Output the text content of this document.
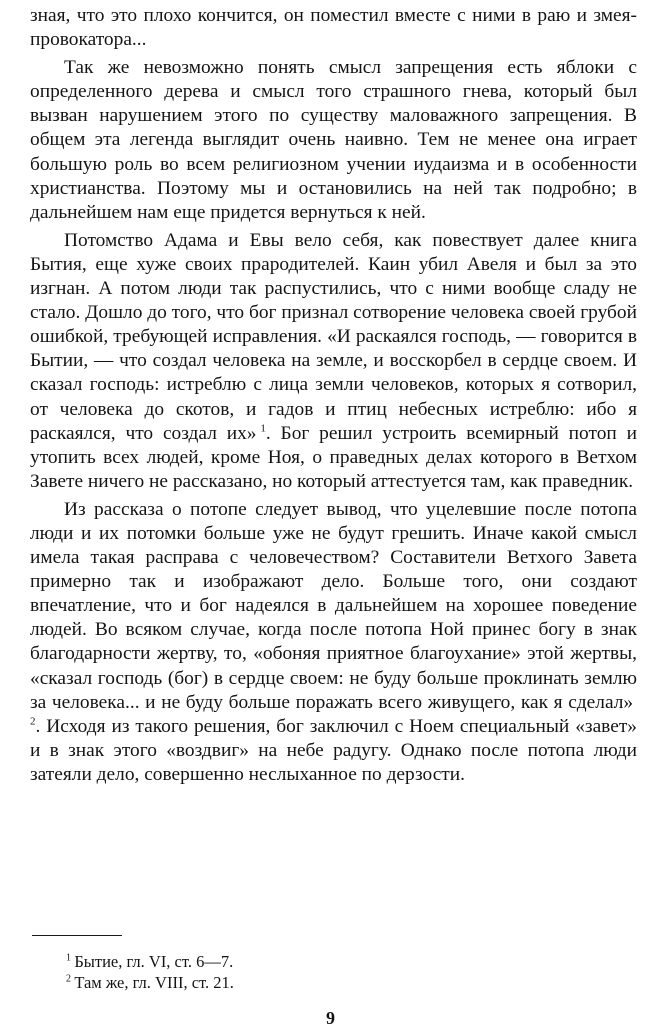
зная, что это плохо кончится, он поместил вместе с ними в раю и змея-провокатора...

Так же невозможно понять смысл запрещения есть яблоки с определенного дерева и смысл того страшного гнева, который был вызван нарушением этого по существу маловажного запрещения. В общем эта легенда выглядит очень наивно. Тем не менее она играет большую роль во всем религиозном учении иудаизма и в особенности христианства. Поэтому мы и остановились на ней так подробно; в дальнейшем нам еще придется вернуться к ней.

Потомство Адама и Евы вело себя, как повествует далее книга Бытия, еще хуже своих прародителей. Каин убил Авеля и был за это изгнан. А потом люди так распустились, что с ними вообще сладу не стало. Дошло до того, что бог признал сотворение человека своей грубой ошибкой, требующей исправления. «И раскаялся господь, — говорится в Бытии, — что создал человека на земле, и восскорбел в сердце своем. И сказал господь: истреблю с лица земли человеков, которых я сотворил, от человека до скотов, и гадов и птиц небесных истреблю: ибо я раскаялся, что создал их»  $^1$. Бог решил устроить всемирный потоп и утопить всех людей, кроме Ноя, о праведных делах которого в Ветхом Завете ничего не рассказано, но который аттестуется там, как праведник.

Из рассказа о потопе следует вывод, что уцелевшие после потопа люди и их потомки больше уже не будут грешить. Иначе какой смысл имела такая расправа с человечеством? Составители Ветхого Завета примерно так и изображают дело. Больше того, они создают впечатление, что и бог надеялся в дальнейшем на хорошее поведение людей. Во всяком случае, когда после потопа Ной принес богу в знак благодарности жертву, то, «обоняя приятное благоухание» этой жертвы, «сказал господь (бог) в сердце своем: не буду больше проклинать землю за человека... и не буду больше поражать всего живущего, как я сделал» $^2$. Исходя из такого решения, бог заключил с Ноем специальный «завет» и в знак этого «воздвиг» на небе радугу. Однако после потопа люди затеяли дело, совершенно неслыханное по дерзости.

$^1$  Бытие, гл. VI, ст. 6—7.
$^2$  Там же, гл. VIII, ст. 21.
9
